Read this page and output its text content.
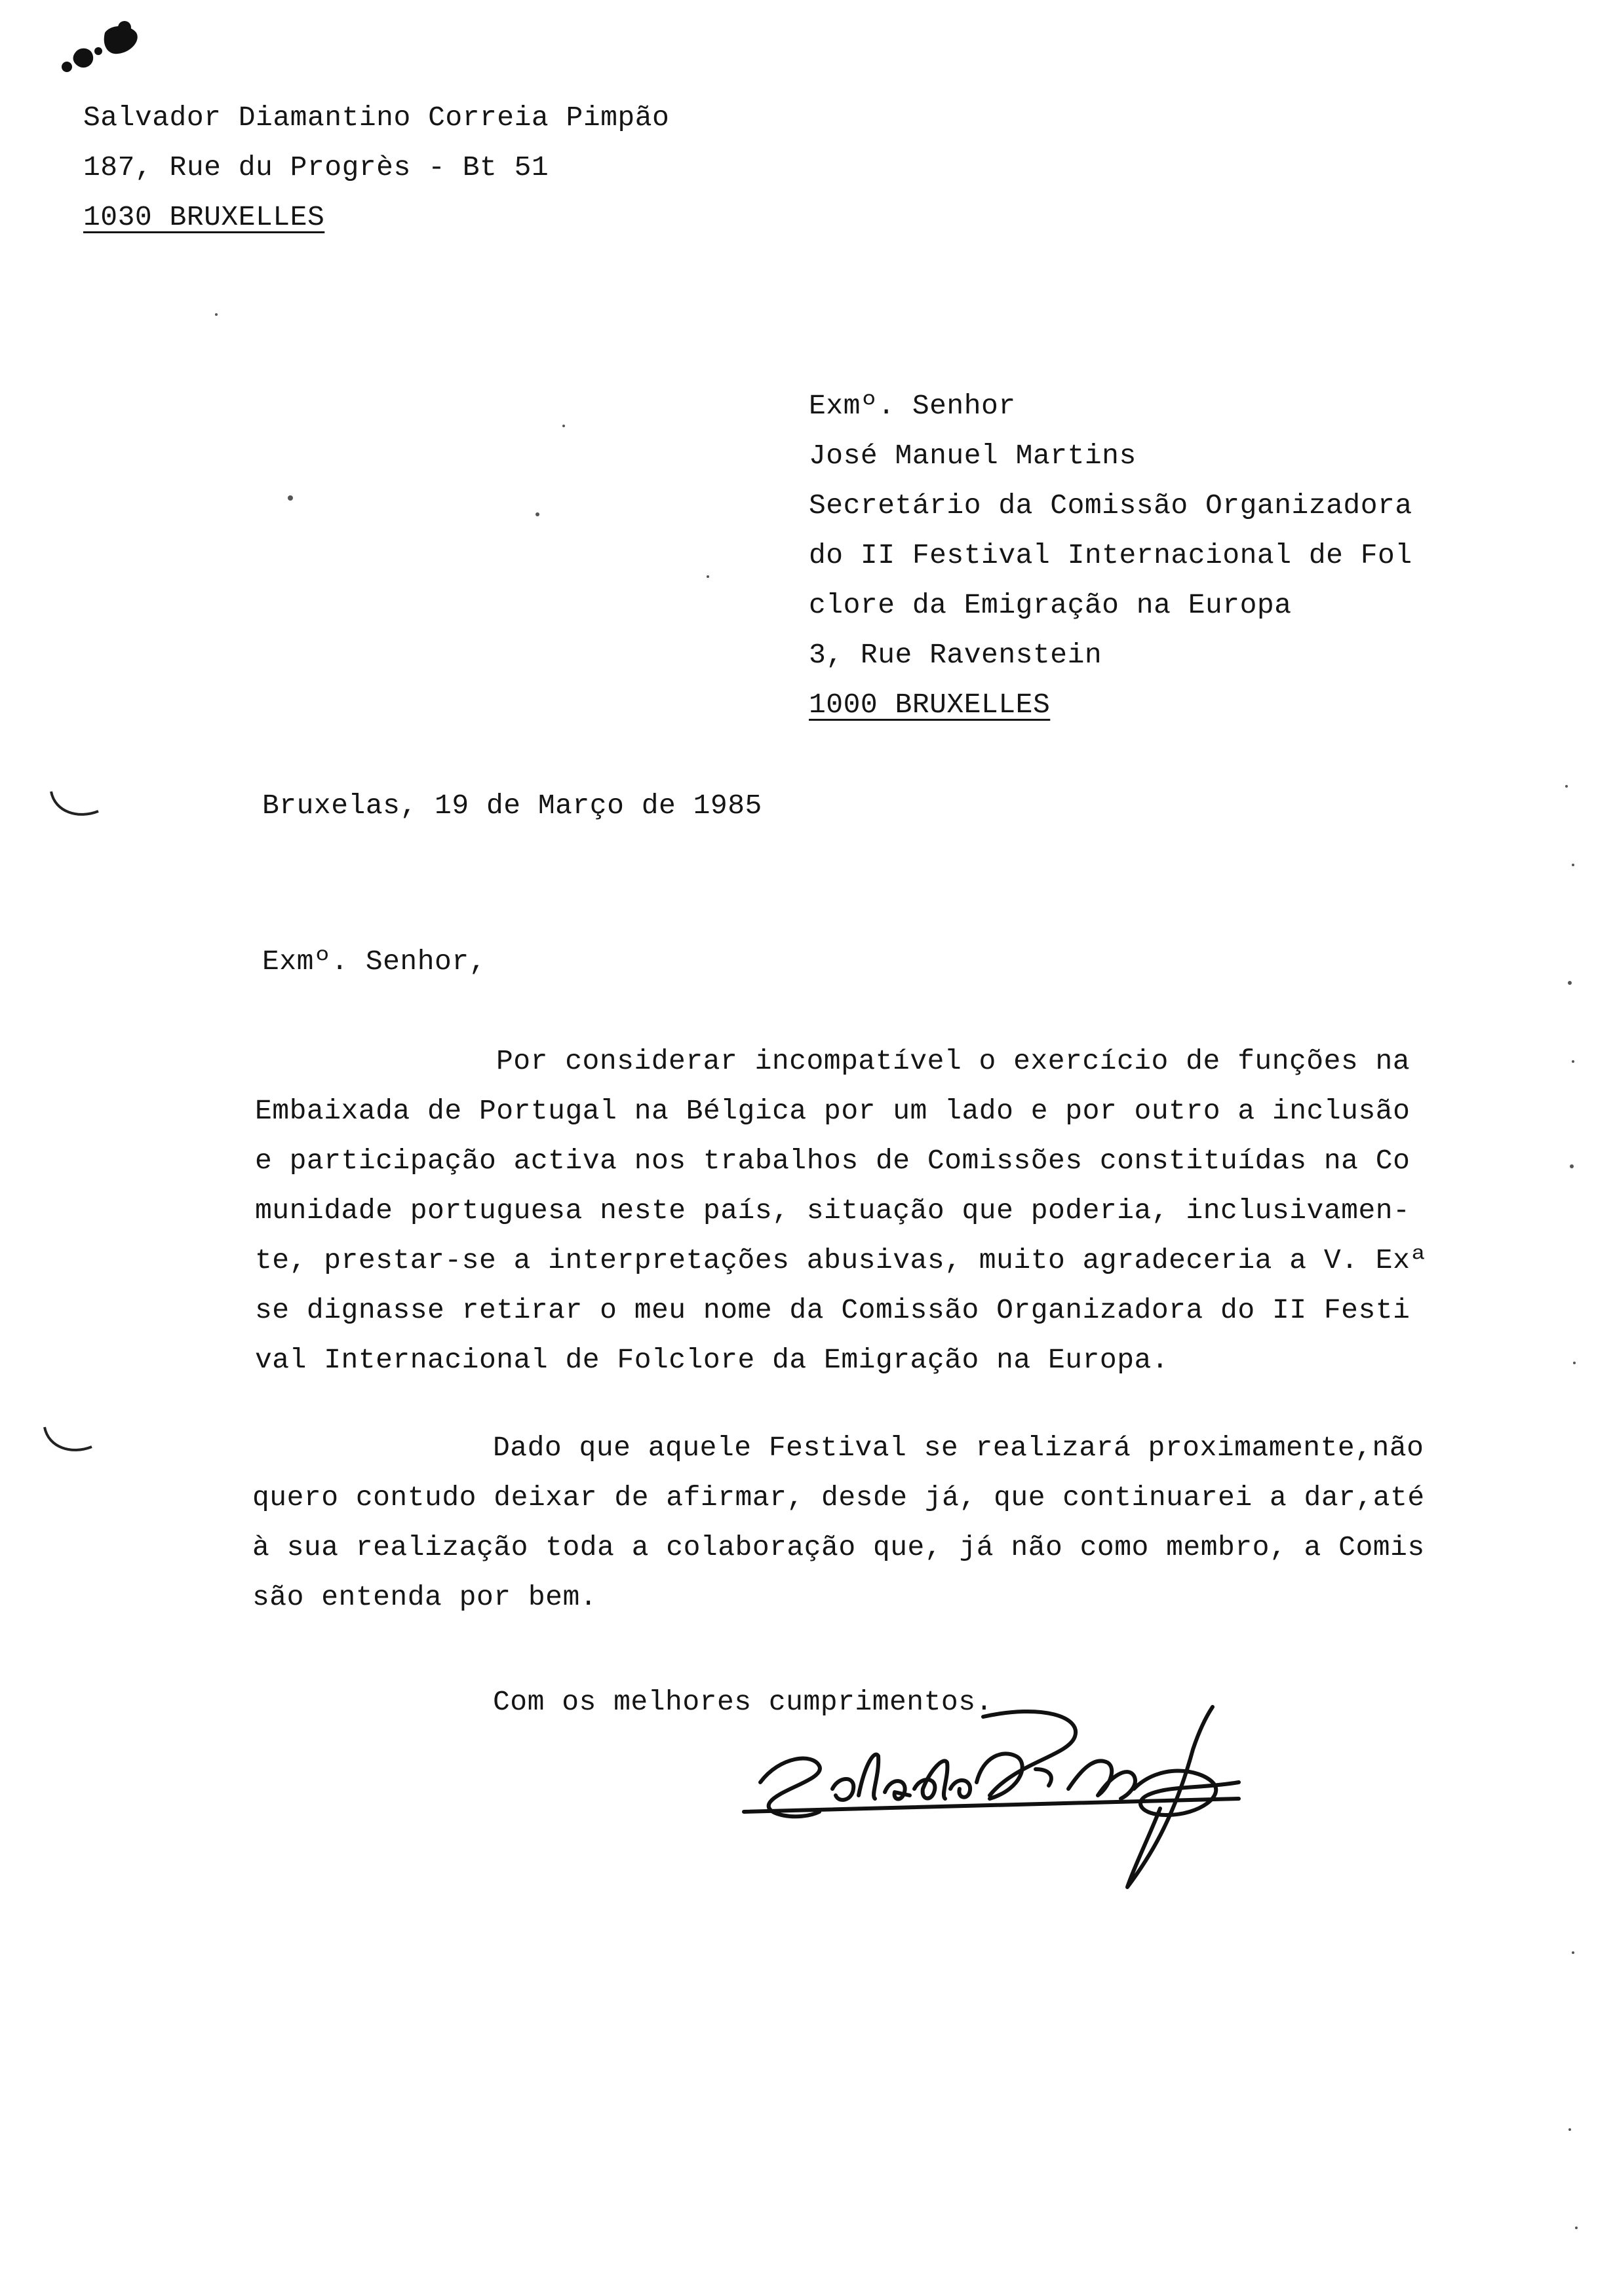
Salvador Diamantino Correia Pimpão
187, Rue du Progrès - Bt 51
1030 BRUXELLES
Exmº. Senhor
José Manuel Martins
Secretário da Comissão Organizadora
do II Festival Internacional de Fol
clore da Emigração na Europa
3, Rue Ravenstein
1000 BRUXELLES
Bruxelas, 19 de Março de 1985
Exmº. Senhor,
Por considerar incompatível o exercício de funções na
Embaixada de Portugal na Bélgica por um lado e por outro a inclusão
e participação activa nos trabalhos de Comissões constituídas na Co
munidade portuguesa neste país, situação que poderia, inclusivamen-
te, prestar-se a interpretações abusivas, muito agradeceria a V. Exª
se dignasse retirar o meu nome da Comissão Organizadora do II Festi
val Internacional de Folclore da Emigração na Europa.
Dado que aquele Festival se realizará proximamente,não
quero contudo deixar de afirmar, desde já, que continuarei a dar,até
à sua realização toda a colaboração que, já não como membro, a Comis
são entenda por bem.
Com os melhores cumprimentos.
